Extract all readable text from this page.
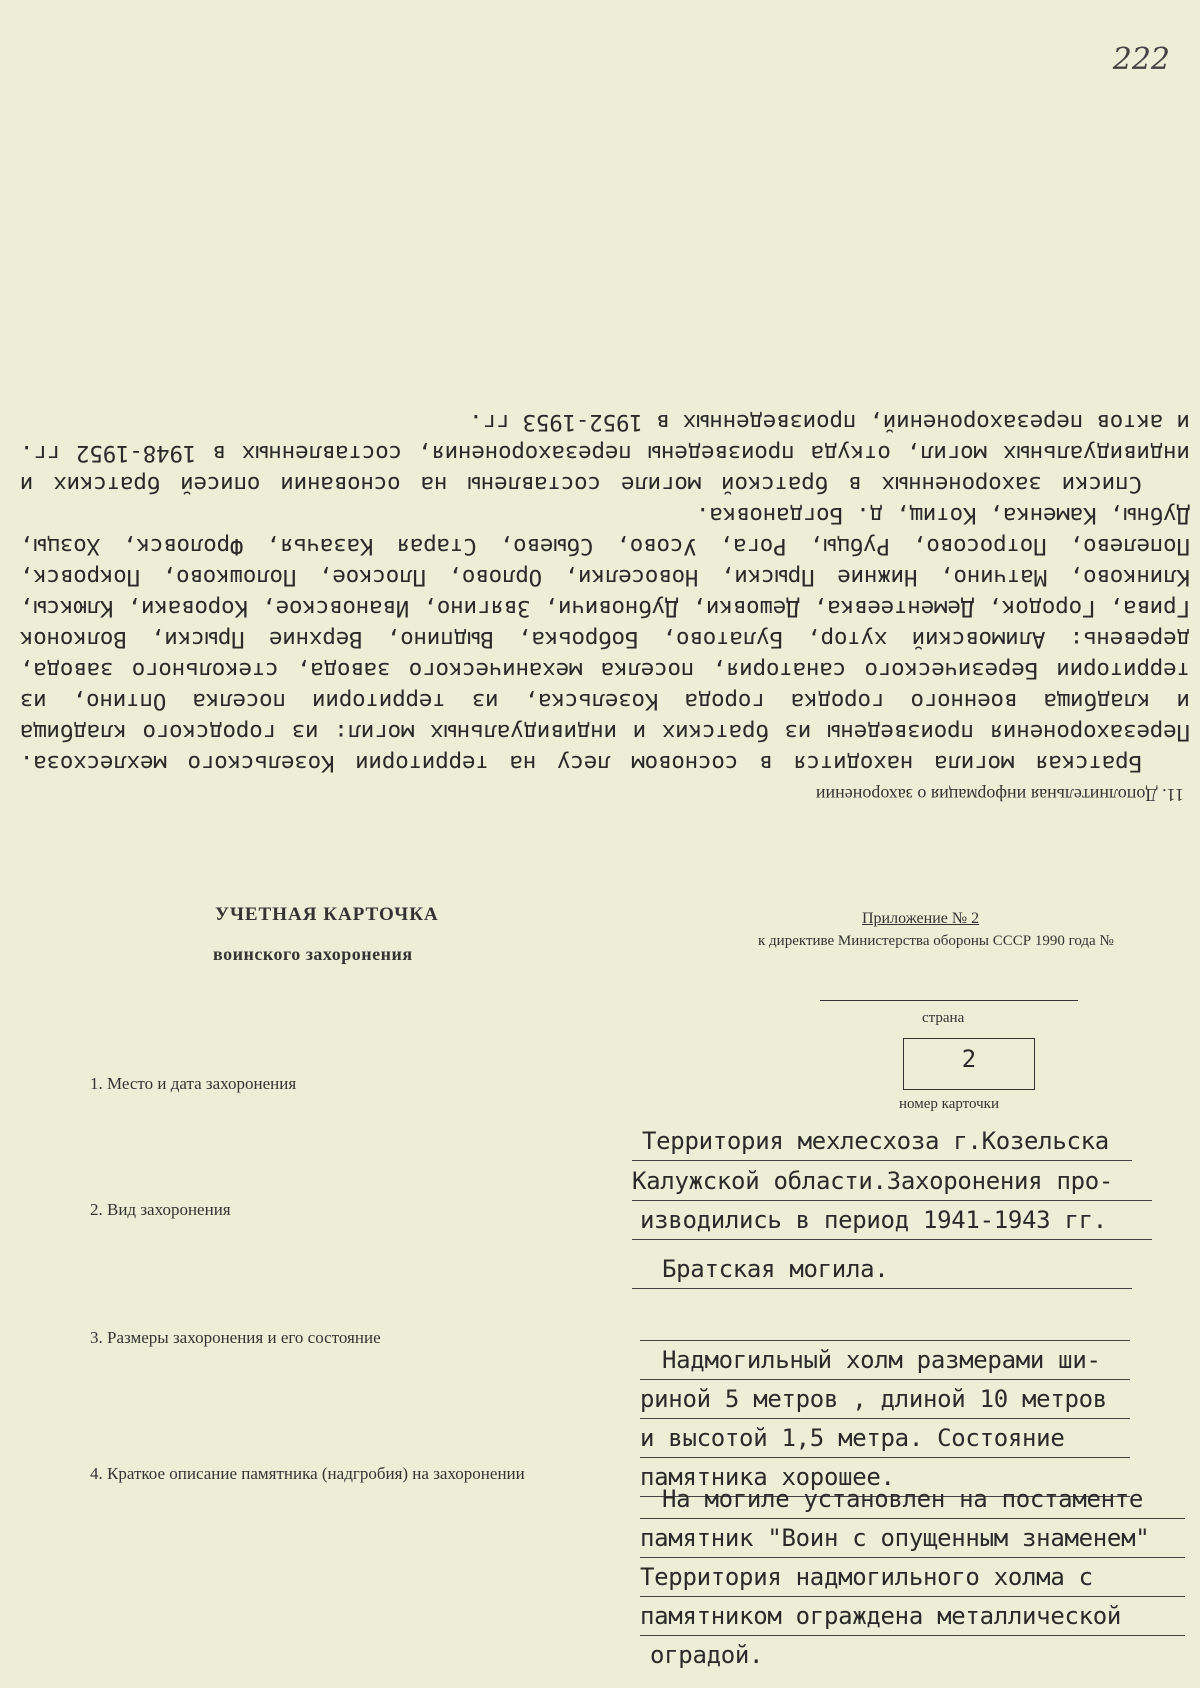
222
11. Дополнительная информация о захоронении

Братская могила находится в сосновом лесу на территории Козельского мехлесхоза. Перезахоронения произведены из братских и индивидуальных могил: из городского кладбища и кладбища военного городка города Козельска, из территории поселка Оптино, из территории Березического санатория, поселка механического завода, стекольного завода, деревень: Алимовский хутор, Булатово, Боброька, Выдпино, Верхние Прыски, Волконок Грива, Городок, Дементеевка, Дешовки, Дубновичи, Звягино, Ивановское, Короваки, Клюксы, Клинково, Матчино, Нижние Прыски, Новоселки, Орлово, Плоское, Полошково, Покровск, Попелево, Потросово, Рубцы, Рога, Усово, Сбыево, Старая Казачья, Фроловск, Хозцы, Дубны, Каменка, Котищ, д. Богдановка.

Списки захороненных в братской могиле составлены на основании описей братских и индивидуальных могил, откуда произведены перезахоронения, составленных в 1948-1952 гг. и актов перезахоронений, произведенных в 1952-1953 гг.

УЧЕТНАЯ КАРТОЧКА
воинского захоронения
Приложение № 2
к директиве Министерства обороны СССР 1990 года №
страна
2
номер карточки
1. Место и дата захоронения
2. Вид захоронения
3. Размеры захоронения и его состояние
4. Краткое описание памятника (надгробия) на захоронении
Территория мехлесхоза г.Козельска
Калужской области.Захоронения про-
изводились в период 1941-1943 гг.
Братская могила.
Надмогильный холм размерами ши-
риной 5 метров , длиной 10 метров
и высотой 1,5 метра. Состояние
памятника хорошее.
На могиле установлен на постаменте
памятник "Воин с опущенным знаменем"
Территория надмогильного холма с
памятником ограждена металлической
оградой.
